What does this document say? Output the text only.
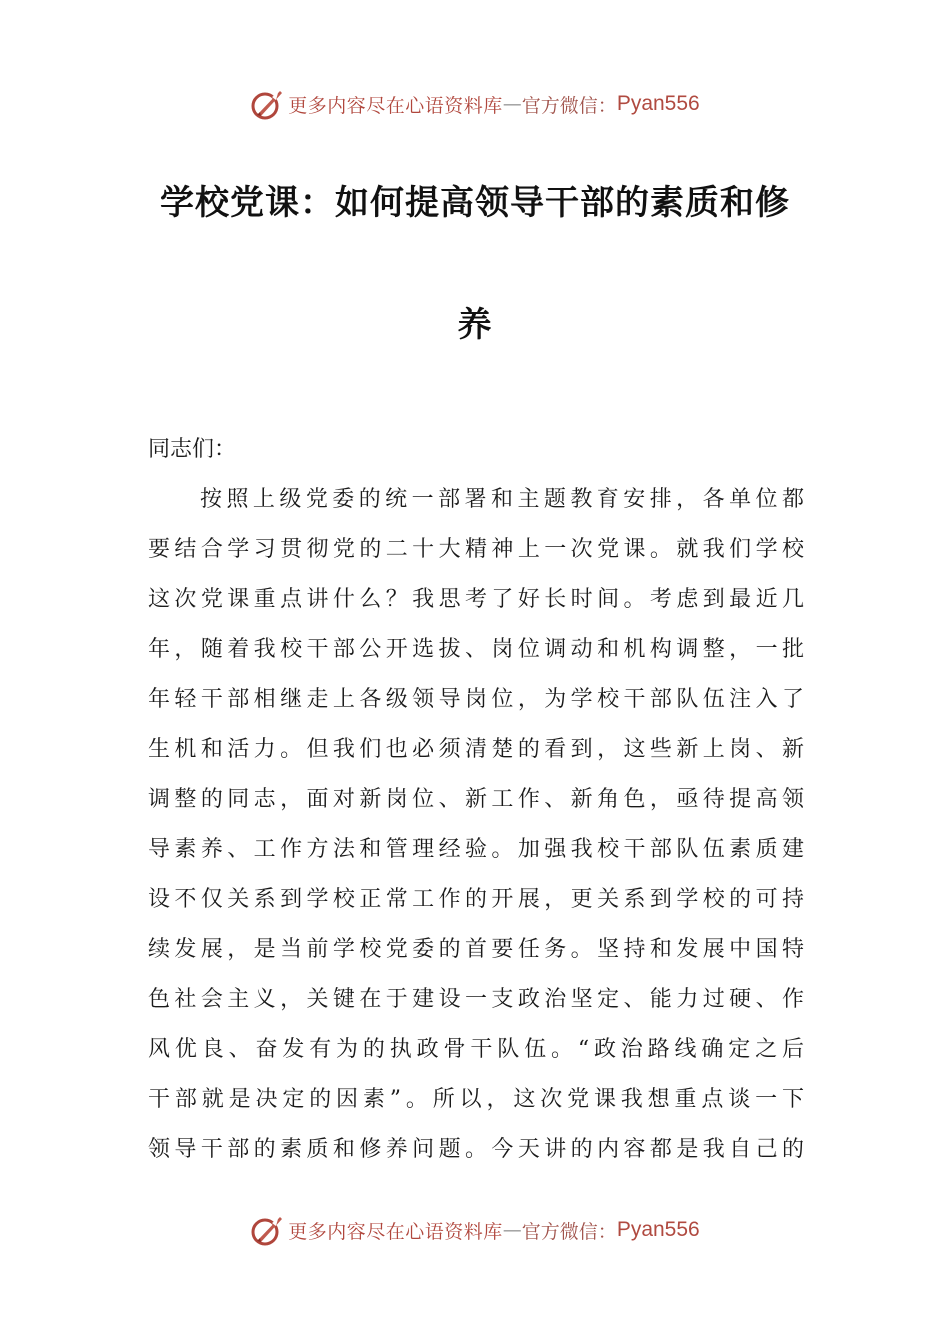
更多内容尽在心语资料库 — 官方微信： Pyan556
学校党课：如何提高领导干部的素质和修
养

同志们：

按照上级党委的统一部署和主题教育安排，各单位都
要结合学习贯彻党的二十大精神上一次党课。就我们学校
这次党课重点讲什么？我思考了好长时间。考虑到最近几
年，随着我校干部公开选拔、岗位调动和机构调整，一批
年轻干部相继走上各级领导岗位，为学校干部队伍注入了
生机和活力。但我们也必须清楚的看到，这些新上岗、新
调整的同志，面对新岗位、新工作、新角色，亟待提高领
导素养、工作方法和管理经验。加强我校干部队伍素质建
设不仅关系到学校正常工作的开展，更关系到学校的可持
续发展，是当前学校党委的首要任务。坚持和发展中国特
色社会主义，关键在于建设一支政治坚定、能力过硬、作
风优良、奋发有为的执政骨干队伍。“政治路线确定之后
干部就是决定的因素”。所以，这次党课我想重点谈一下
领导干部的素质和修养问题。今天讲的内容都是我自己的
更多内容尽在心语资料库 — 官方微信： Pyan556
